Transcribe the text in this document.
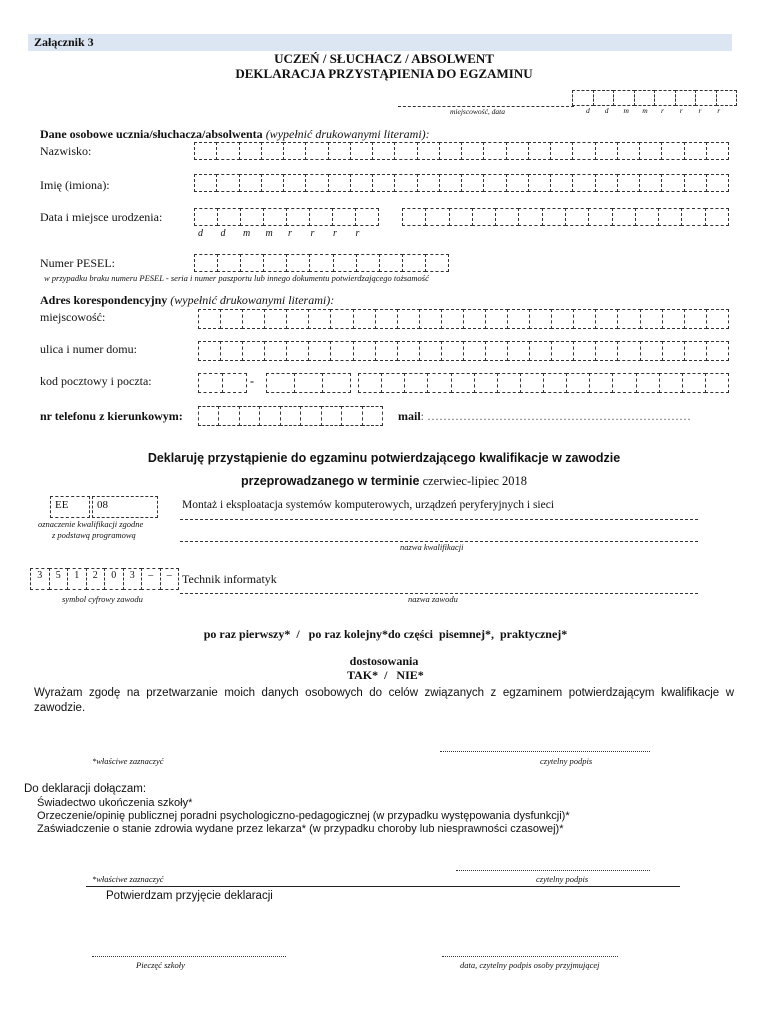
Załącznik 3
UCZEŃ / SŁUCHACZ / ABSOLWENT
DEKLARACJA PRZYSTĄPIENIA DO EGZAMINU
miejscowość, data	d	d	m	m	r	r	r	r
Dane osobowe ucznia/słuchacza/absolwenta (wypełnić drukowanymi literami):
Nazwisko:
Imię (imiona):
Data i miejsce urodzenia:
d	d	m	m	r	r	r	r
Numer PESEL:
w przypadku braku numeru PESEL - seria i numer paszportu lub innego dokumentu potwierdzającego tożsamość
Adres korespondencyjny (wypełnić drukowanymi literami):
miejscowość:
ulica i numer domu:
kod pocztowy i poczta:	-
nr telefonu z kierunkowym:	mail: …………………………………………………………
Deklaruję przystąpienie do egzaminu potwierdzającego kwalifikacje w zawodzie
przeprowadzanego w terminie czerwiec-lipiec 2018
EE	08	Montaż i eksploatacja systemów komputerowych, urządzeń peryferyjnych i sieci
oznaczenie kwalifikacji zgodne
z podstawą programową
nazwa kwalifikacji
3	5	1	2	0	3	–	– Technik informatyk
symbol cyfrowy zawodu	nazwa zawodu
po raz pierwszy*  /   po raz kolejny*do części  pisemnej*,  praktycznej*
dostosowania
TAK*  /   NIE*
Wyrażam zgodę na przetwarzanie moich danych osobowych do celów związanych z egzaminem potwierdzającym kwalifikacje w zawodzie.
*właściwe zaznaczyć	czytelny podpis
Do deklaracji dołączam:
Świadectwo ukończenia szkoły*
Orzeczenie/opinię publicznej poradni psychologiczno-pedagogicznej (w przypadku występowania dysfunkcji)*
Zaświadczenie o stanie zdrowia wydane przez lekarza* (w przypadku choroby lub niesprawności czasowej)*
*właściwe zaznaczyć	czytelny podpis
Potwierdzam przyjęcie deklaracji
Pieczęć szkoły	data, czytelny podpis osoby przyjmującej
